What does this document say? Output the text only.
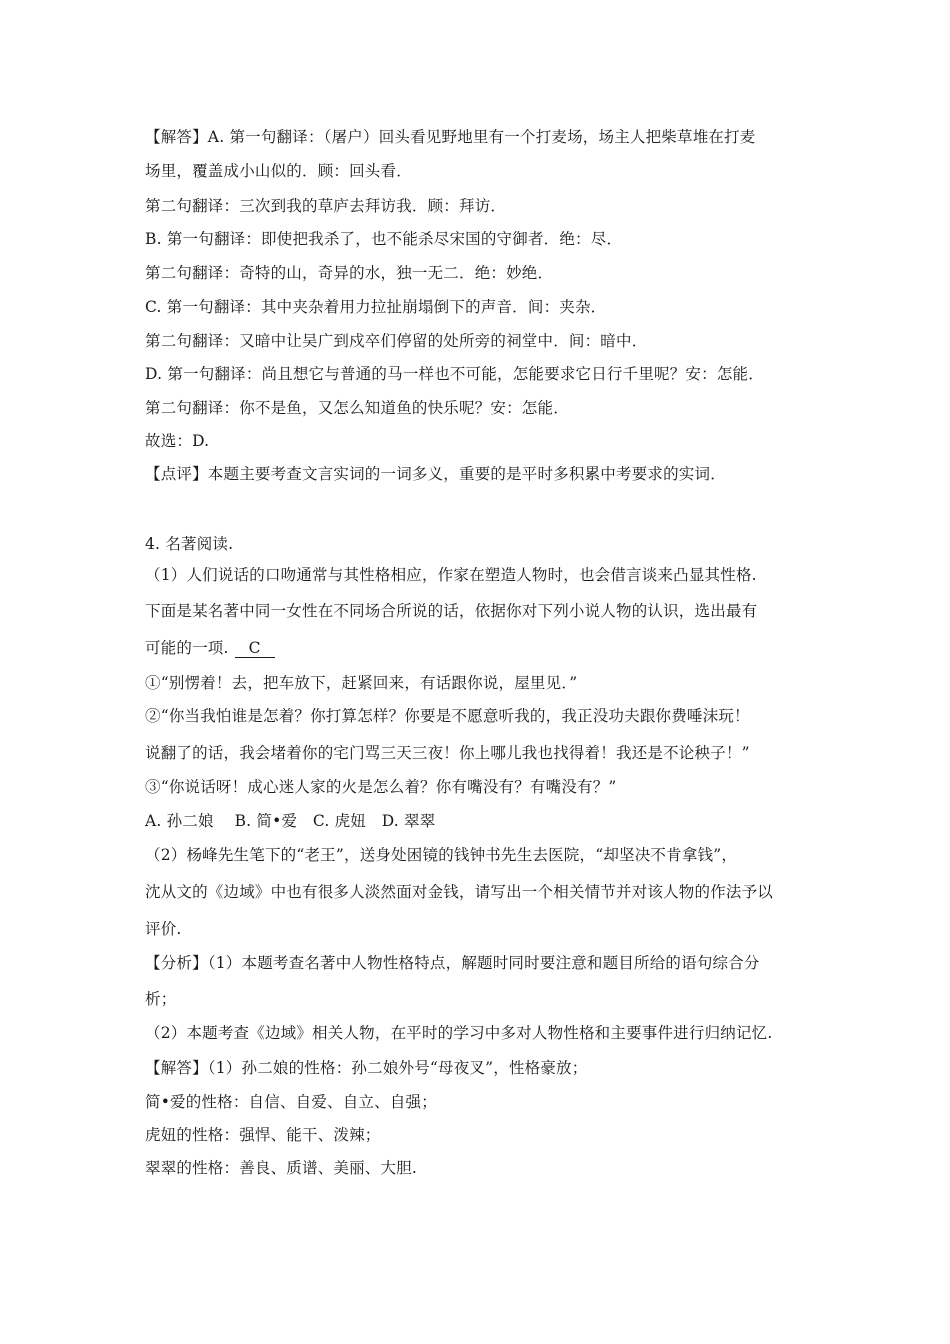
【解答】A. 第一句翻译：（屠户）回头看见野地里有一个打麦场，场主人把柴草堆在打麦
场里，覆盖成小山似的．顾：回头看．
第二句翻译：三次到我的草庐去拜访我．顾：拜访．
B. 第一句翻译：即使把我杀了，也不能杀尽宋国的守御者．绝：尽．
第二句翻译：奇特的山，奇异的水，独一无二．绝：妙绝．
C. 第一句翻译：其中夹杂着用力拉扯崩塌倒下的声音．间：夹杂．
第二句翻译：又暗中让吴广到戍卒们停留的处所旁的祠堂中．间：暗中．
D. 第一句翻译：尚且想它与普通的马一样也不可能，怎能要求它日行千里呢？安：怎能．
第二句翻译：你不是鱼，又怎么知道鱼的快乐呢？安：怎能．
故选：D.
【点评】本题主要考查文言实词的一词多义，重要的是平时多积累中考要求的实词．
4. 名著阅读.
（1）人们说话的口吻通常与其性格相应，作家在塑造人物时，也会借言谈来凸显其性格.
下面是某名著中同一女性在不同场合所说的话，依据你对下列小说人物的认识，选出最有
可能的一项. C
①“别愣着！去，把车放下，赶紧回来，有话跟你说，屋里见．”
②“你当我怕谁是怎着？你打算怎样？你要是不愿意听我的，我正没功夫跟你费唾沫玩！
说翻了的话，我会堵着你的宅门骂三天三夜！你上哪儿我也找得着！我还是不论秧子！”
③“你说话呀！成心迷人家的火是怎么着？你有嘴没有？有嘴没有？”
A. 孙二娘　 B. 简•爱　C. 虎妞　D. 翠翠
（2）杨峰先生笔下的“老王”，送身处困镜的钱钟书先生去医院，“却坚决不肯拿钱”，
沈从文的《边域》中也有很多人淡然面对金钱，请写出一个相关情节并对该人物的作法予以
评价.
【分析】（1）本题考查名著中人物性格特点，解题时同时要注意和题目所给的语句综合分
析；
（2）本题考查《边域》相关人物，在平时的学习中多对人物性格和主要事件进行归纳记忆.
【解答】（1）孙二娘的性格：孙二娘外号“母夜叉”，性格豪放；
简•爱的性格：自信、自爱、自立、自强；
虎妞的性格：强悍、能干、泼辣；
翠翠的性格：善良、质谱、美丽、大胆.
